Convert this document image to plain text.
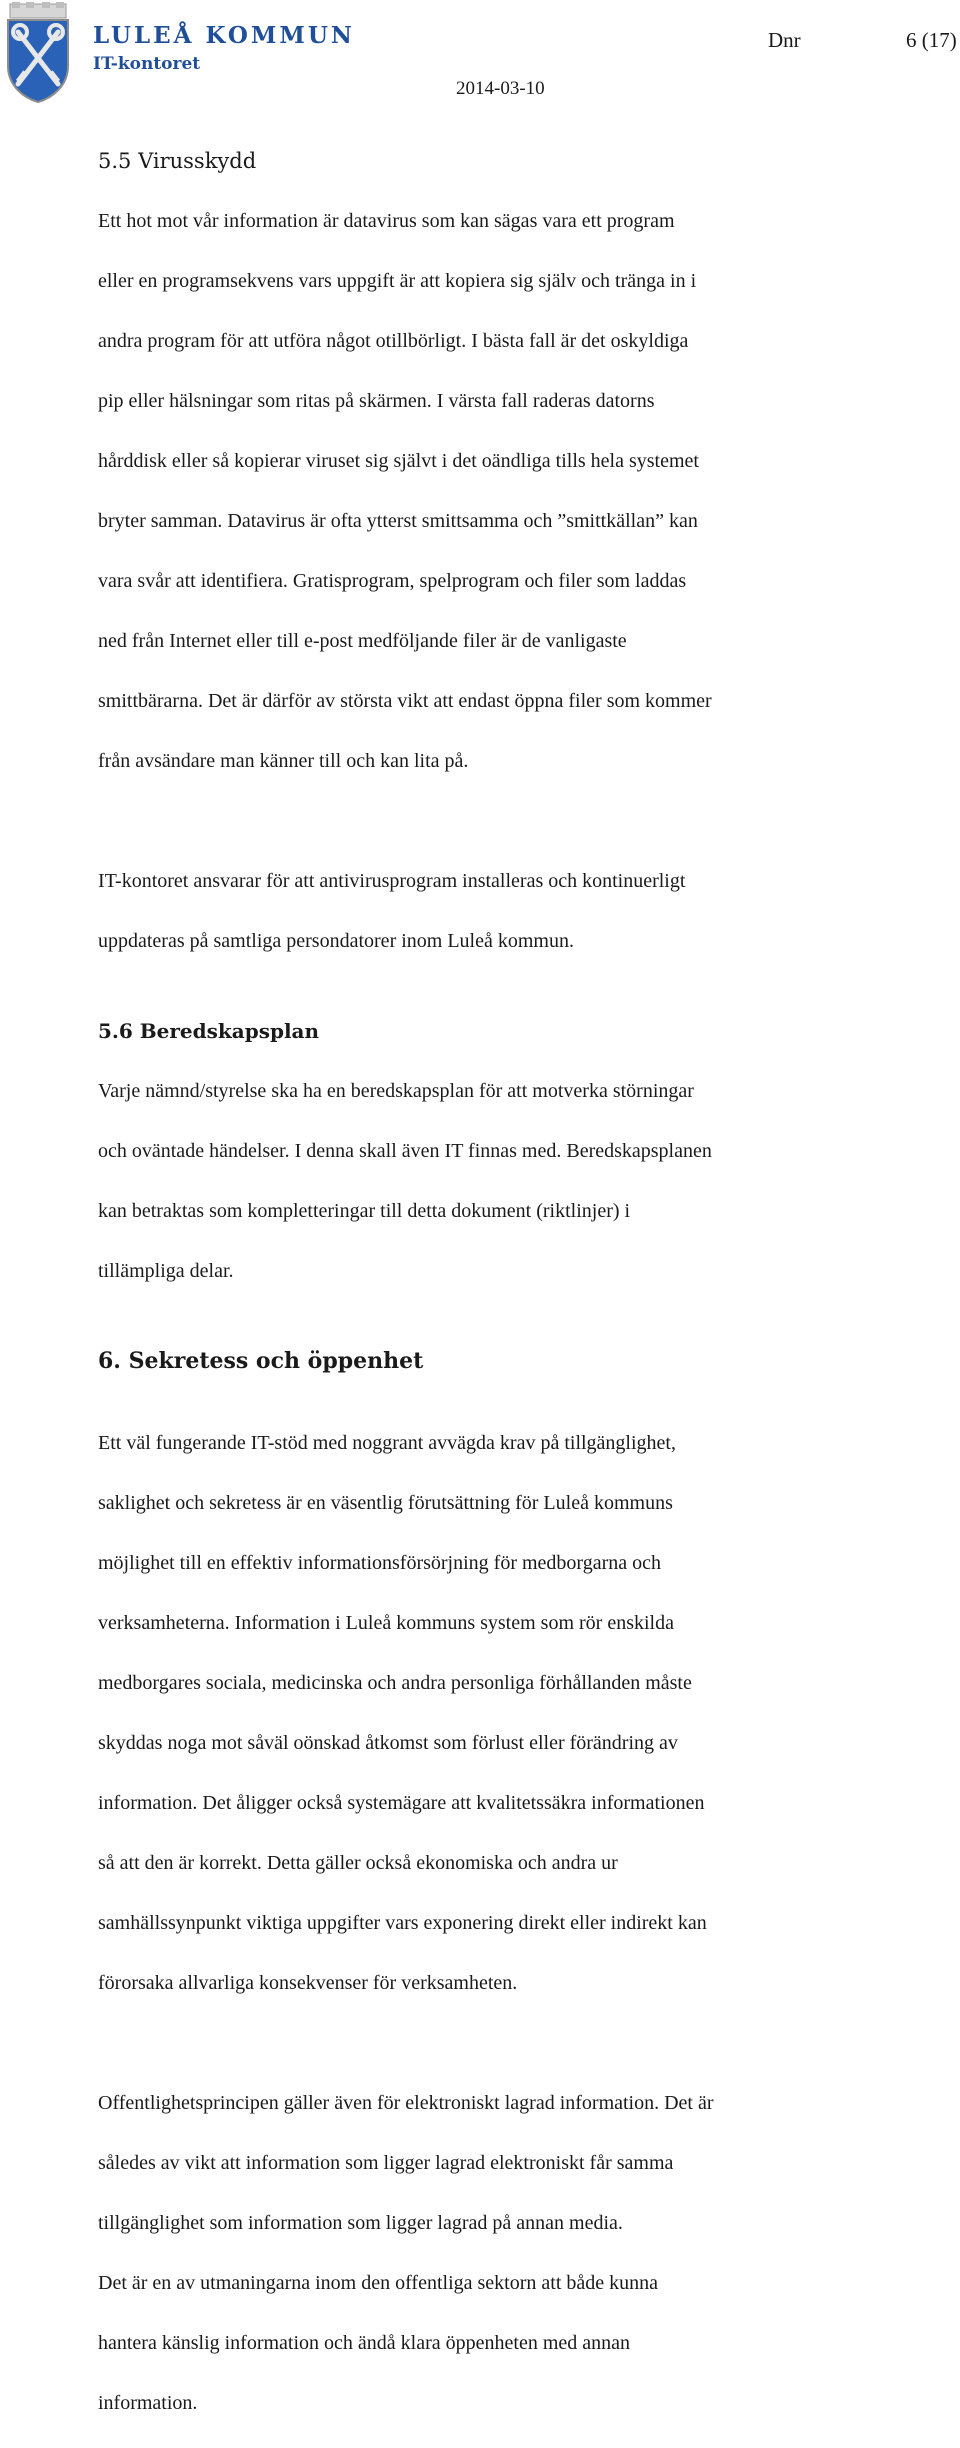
LULEÅ KOMMUN
IT-kontoret
Dnr	6 (17)
2014-03-10
5.5 Virusskydd

Ett hot mot vår information är datavirus som kan sägas vara ett program

eller en programsekvens vars uppgift är att kopiera sig själv och tränga in i

andra program för att utföra något otillbörligt. I bästa fall är det oskyldiga

pip eller hälsningar som ritas på skärmen. I värsta fall raderas datorns

hårddisk eller så kopierar viruset sig självt i det oändliga tills hela systemet

bryter samman. Datavirus är ofta ytterst smittsamma och ”smittkällan” kan

vara svår att identifiera. Gratisprogram, spelprogram och filer som laddas

ned från Internet eller till e-post medföljande filer är de vanligaste

smittbärarna. Det är därför av största vikt att endast öppna filer som kommer

från avsändare man känner till och kan lita på.

IT-kontoret ansvarar för att antivirusprogram installeras och kontinuerligt

uppdateras på samtliga persondatorer inom Luleå kommun.

5.6 Beredskapsplan

Varje nämnd/styrelse ska ha en beredskapsplan för att motverka störningar

och oväntade händelser. I denna skall även IT finnas med. Beredskapsplanen

kan betraktas som kompletteringar till detta dokument (riktlinjer) i

tillämpliga delar.

6. Sekretess och öppenhet

Ett väl fungerande IT-stöd med noggrant avvägda krav på tillgänglighet,

saklighet och sekretess är en väsentlig förutsättning för Luleå kommuns

möjlighet till en effektiv informationsförsörjning för medborgarna och

verksamheterna. Information i Luleå kommuns system som rör enskilda

medborgares sociala, medicinska och andra personliga förhållanden måste

skyddas noga mot såväl oönskad åtkomst som förlust eller förändring av

information. Det åligger också systemägare att kvalitetssäkra informationen

så att den är korrekt. Detta gäller också ekonomiska och andra ur

samhällssynpunkt viktiga uppgifter vars exponering direkt eller indirekt kan

förorsaka allvarliga konsekvenser för verksamheten.

Offentlighetsprincipen gäller även för elektroniskt lagrad information. Det är

således av vikt att information som ligger lagrad elektroniskt får samma

tillgänglighet som information som ligger lagrad på annan media.

Det är en av utmaningarna inom den offentliga sektorn att både kunna

hantera känslig information och ändå klara öppenheten med annan

information.
